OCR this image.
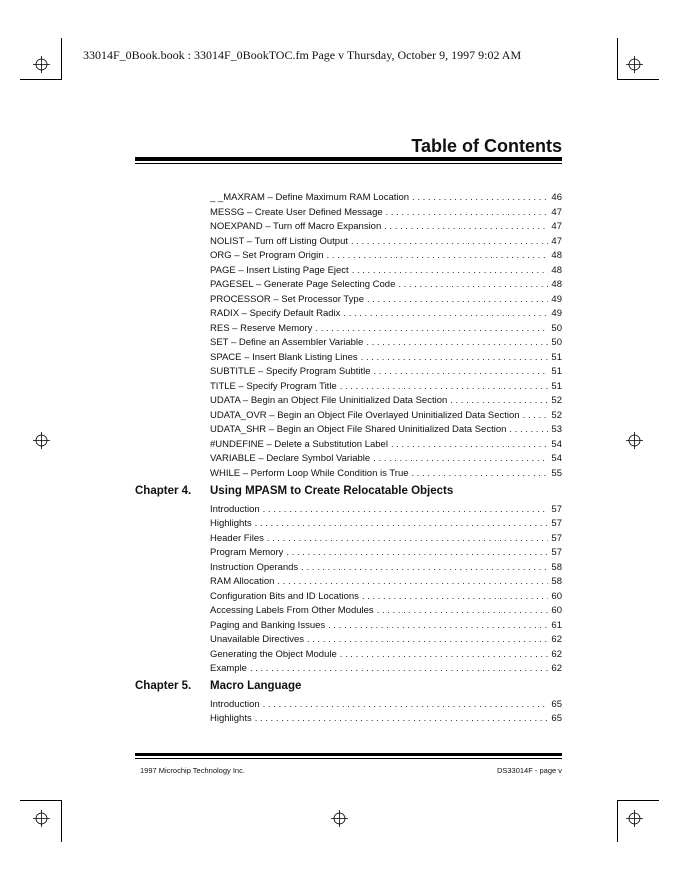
33014F_0Book.book : 33014F_0BookTOC.fm Page v Thursday, October 9, 1997 9:02 AM
Table of Contents
_ _MAXRAM – Define Maximum RAM Location . . .	46
MESSG – Create User Defined Message . . .	47
NOEXPAND – Turn off Macro Expansion . . .	47
NOLIST – Turn off Listing Output . . .	47
ORG – Set Program Origin . . .	48
PAGE – Insert Listing Page Eject . . .	48
PAGESEL – Generate Page Selecting Code . . .	48
PROCESSOR – Set Processor Type . . .	49
RADIX – Specify Default Radix . . .	49
RES – Reserve Memory . . .	50
SET – Define an Assembler Variable . . .	50
SPACE – Insert Blank Listing Lines . . .	51
SUBTITLE – Specify Program Subtitle . . .	51
TITLE – Specify Program Title . . .	51
UDATA – Begin an Object File Uninitialized Data Section . . .	52
UDATA_OVR – Begin an Object File Overlayed Uninitialized Data Section . . .	52
UDATA_SHR – Begin an Object File Shared Uninitialized Data Section . . .	53
#UNDEFINE – Delete a Substitution Label . . .	54
VARIABLE – Declare Symbol Variable . . .	54
WHILE – Perform Loop While Condition is True . . .	55
Chapter 4. Using MPASM to Create Relocatable Objects
Introduction . . .	57
Highlights . . .	57
Header Files . . .	57
Program Memory . . .	57
Instruction Operands . . .	58
RAM Allocation . . .	58
Configuration Bits and ID Locations . . .	60
Accessing Labels From Other Modules . . .	60
Paging and Banking Issues . . .	61
Unavailable Directives . . .	62
Generating the Object Module . . .	62
Example . . .	62
Chapter 5. Macro Language
Introduction . . .	65
Highlights . . .	65
1997 Microchip Technology Inc.	DS33014F - page v
